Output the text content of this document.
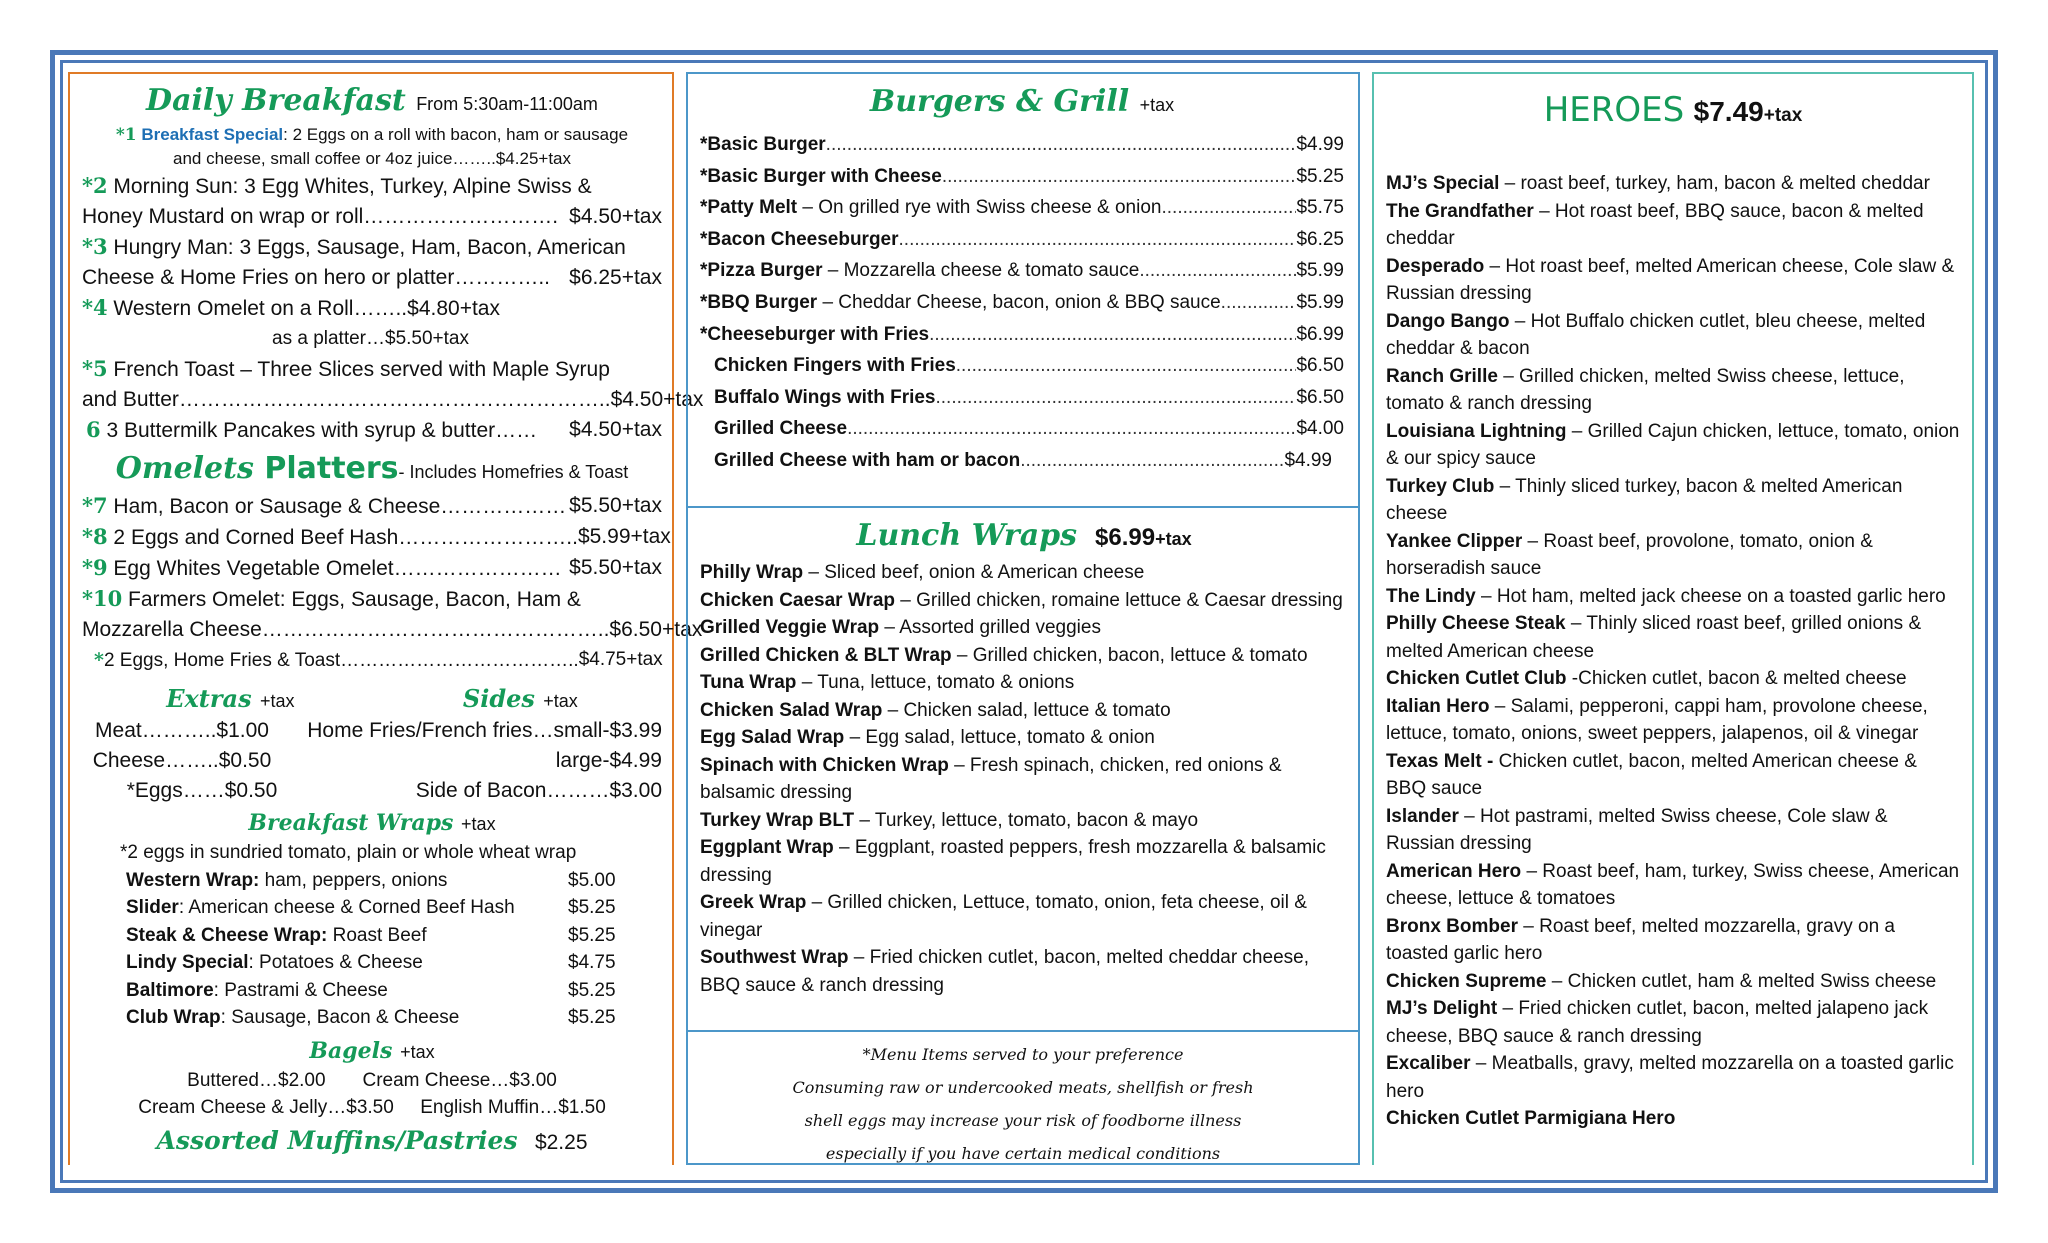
Daily Breakfast From 5:30am-11:00am
*1 Breakfast Special: 2 Eggs on a roll with bacon, ham or sausage
and cheese, small coffee or 4oz juice……..$4.25+tax
*2 Morning Sun: 3 Egg Whites, Turkey, Alpine Swiss &
Honey Mustard on wrap or roll………………………. $4.50+tax
*3 Hungry Man: 3 Eggs, Sausage, Ham, Bacon, American
Cheese & Home Fries on hero or platter………….. $6.25+tax
*4 Western Omelet on a Roll……..$4.80+tax
as a platter…$5.50+tax
*5 French Toast – Three Slices served with Maple Syrup
and Butter…………………………………………………….. $4.50+tax
6 3 Buttermilk Pancakes with syrup & butter…… $4.50+tax
Omelets Platters- Includes Homefries & Toast
*7 Ham, Bacon or Sausage & Cheese……………… $5.50+tax
*8 2 Eggs and Corned Beef Hash…………………….. $5.99+tax
*9 Egg Whites Vegetable Omelet…………………… $5.50+tax
*10 Farmers Omelet: Eggs, Sausage, Bacon, Ham &
Mozzarella Cheese………………………………………….. $6.50+tax
*2 Eggs, Home Fries & Toast……………………………….. $4.75+tax
Extras +tax	Sides +tax
Meat………..$1.00	Home Fries/French fries…small-$3.99
Cheese……..$0.50	large-$4.99
*Eggs……$0.50	Side of Bacon………$3.00
Breakfast Wraps +tax
*2 eggs in sundried tomato, plain or whole wheat wrap
Western Wrap: ham, peppers, onions	$5.00
Slider: American cheese & Corned Beef Hash	$5.25
Steak & Cheese Wrap: Roast Beef	$5.25
Lindy Special: Potatoes & Cheese	$4.75
Baltimore: Pastrami & Cheese	$5.25
Club Wrap: Sausage, Bacon & Cheese	$5.25
Bagels +tax
Buttered…$2.00 Cream Cheese…$3.00
Cream Cheese & Jelly…$3.50 English Muffin…$1.50
Assorted Muffins/Pastries $2.25
Burgers & Grill +tax
*Basic Burger .....	$4.99
*Basic Burger with Cheese .....	$5.25
*Patty Melt – On grilled rye with Swiss cheese & onion .....	$5.75
*Bacon Cheeseburger .....	$6.25
*Pizza Burger – Mozzarella cheese & tomato sauce .....	$5.99
*BBQ Burger – Cheddar Cheese, bacon, onion & BBQ sauce .....	$5.99
*Cheeseburger with Fries .....	$6.99
Chicken Fingers with Fries .....	$6.50
Buffalo Wings with Fries .....	$6.50
Grilled Cheese .....	$4.00
Grilled Cheese with ham or bacon .....	$4.99
Lunch Wraps $6.99+tax
Philly Wrap – Sliced beef, onion & American cheese
Chicken Caesar Wrap – Grilled chicken, romaine lettuce & Caesar dressing
Grilled Veggie Wrap – Assorted grilled veggies
Grilled Chicken & BLT Wrap – Grilled chicken, bacon, lettuce & tomato
Tuna Wrap – Tuna, lettuce, tomato & onions
Chicken Salad Wrap – Chicken salad, lettuce & tomato
Egg Salad Wrap – Egg salad, lettuce, tomato & onion
Spinach with Chicken Wrap – Fresh spinach, chicken, red onions & balsamic dressing
Turkey Wrap BLT – Turkey, lettuce, tomato, bacon & mayo
Eggplant Wrap – Eggplant, roasted peppers, fresh mozzarella & balsamic dressing
Greek Wrap – Grilled chicken, Lettuce, tomato, onion, feta cheese, oil & vinegar
Southwest Wrap – Fried chicken cutlet, bacon, melted cheddar cheese, BBQ sauce & ranch dressing
*Menu Items served to your preference
Consuming raw or undercooked meats, shellfish or fresh
shell eggs may increase your risk of foodborne illness
especially if you have certain medical conditions
HEROES $7.49+tax
MJ’s Special – roast beef, turkey, ham, bacon & melted cheddar
The Grandfather – Hot roast beef, BBQ sauce, bacon & melted cheddar
Desperado – Hot roast beef, melted American cheese, Cole slaw & Russian dressing
Dango Bango – Hot Buffalo chicken cutlet, bleu cheese, melted cheddar & bacon
Ranch Grille – Grilled chicken, melted Swiss cheese, lettuce, tomato & ranch dressing
Louisiana Lightning – Grilled Cajun chicken, lettuce, tomato, onion & our spicy sauce
Turkey Club – Thinly sliced turkey, bacon & melted American cheese
Yankee Clipper – Roast beef, provolone, tomato, onion & horseradish sauce
The Lindy – Hot ham, melted jack cheese on a toasted garlic hero
Philly Cheese Steak – Thinly sliced roast beef, grilled onions & melted American cheese
Chicken Cutlet Club -Chicken cutlet, bacon & melted cheese
Italian Hero – Salami, pepperoni, cappi ham, provolone cheese, lettuce, tomato, onions, sweet peppers, jalapenos, oil & vinegar
Texas Melt - Chicken cutlet, bacon, melted American cheese & BBQ sauce
Islander – Hot pastrami, melted Swiss cheese, Cole slaw & Russian dressing
American Hero – Roast beef, ham, turkey, Swiss cheese, American cheese, lettuce & tomatoes
Bronx Bomber – Roast beef, melted mozzarella, gravy on a toasted garlic hero
Chicken Supreme – Chicken cutlet, ham & melted Swiss cheese
MJ’s Delight – Fried chicken cutlet, bacon, melted jalapeno jack cheese, BBQ sauce & ranch dressing
Excaliber – Meatballs, gravy, melted mozzarella on a toasted garlic hero
Chicken Cutlet Parmigiana Hero
